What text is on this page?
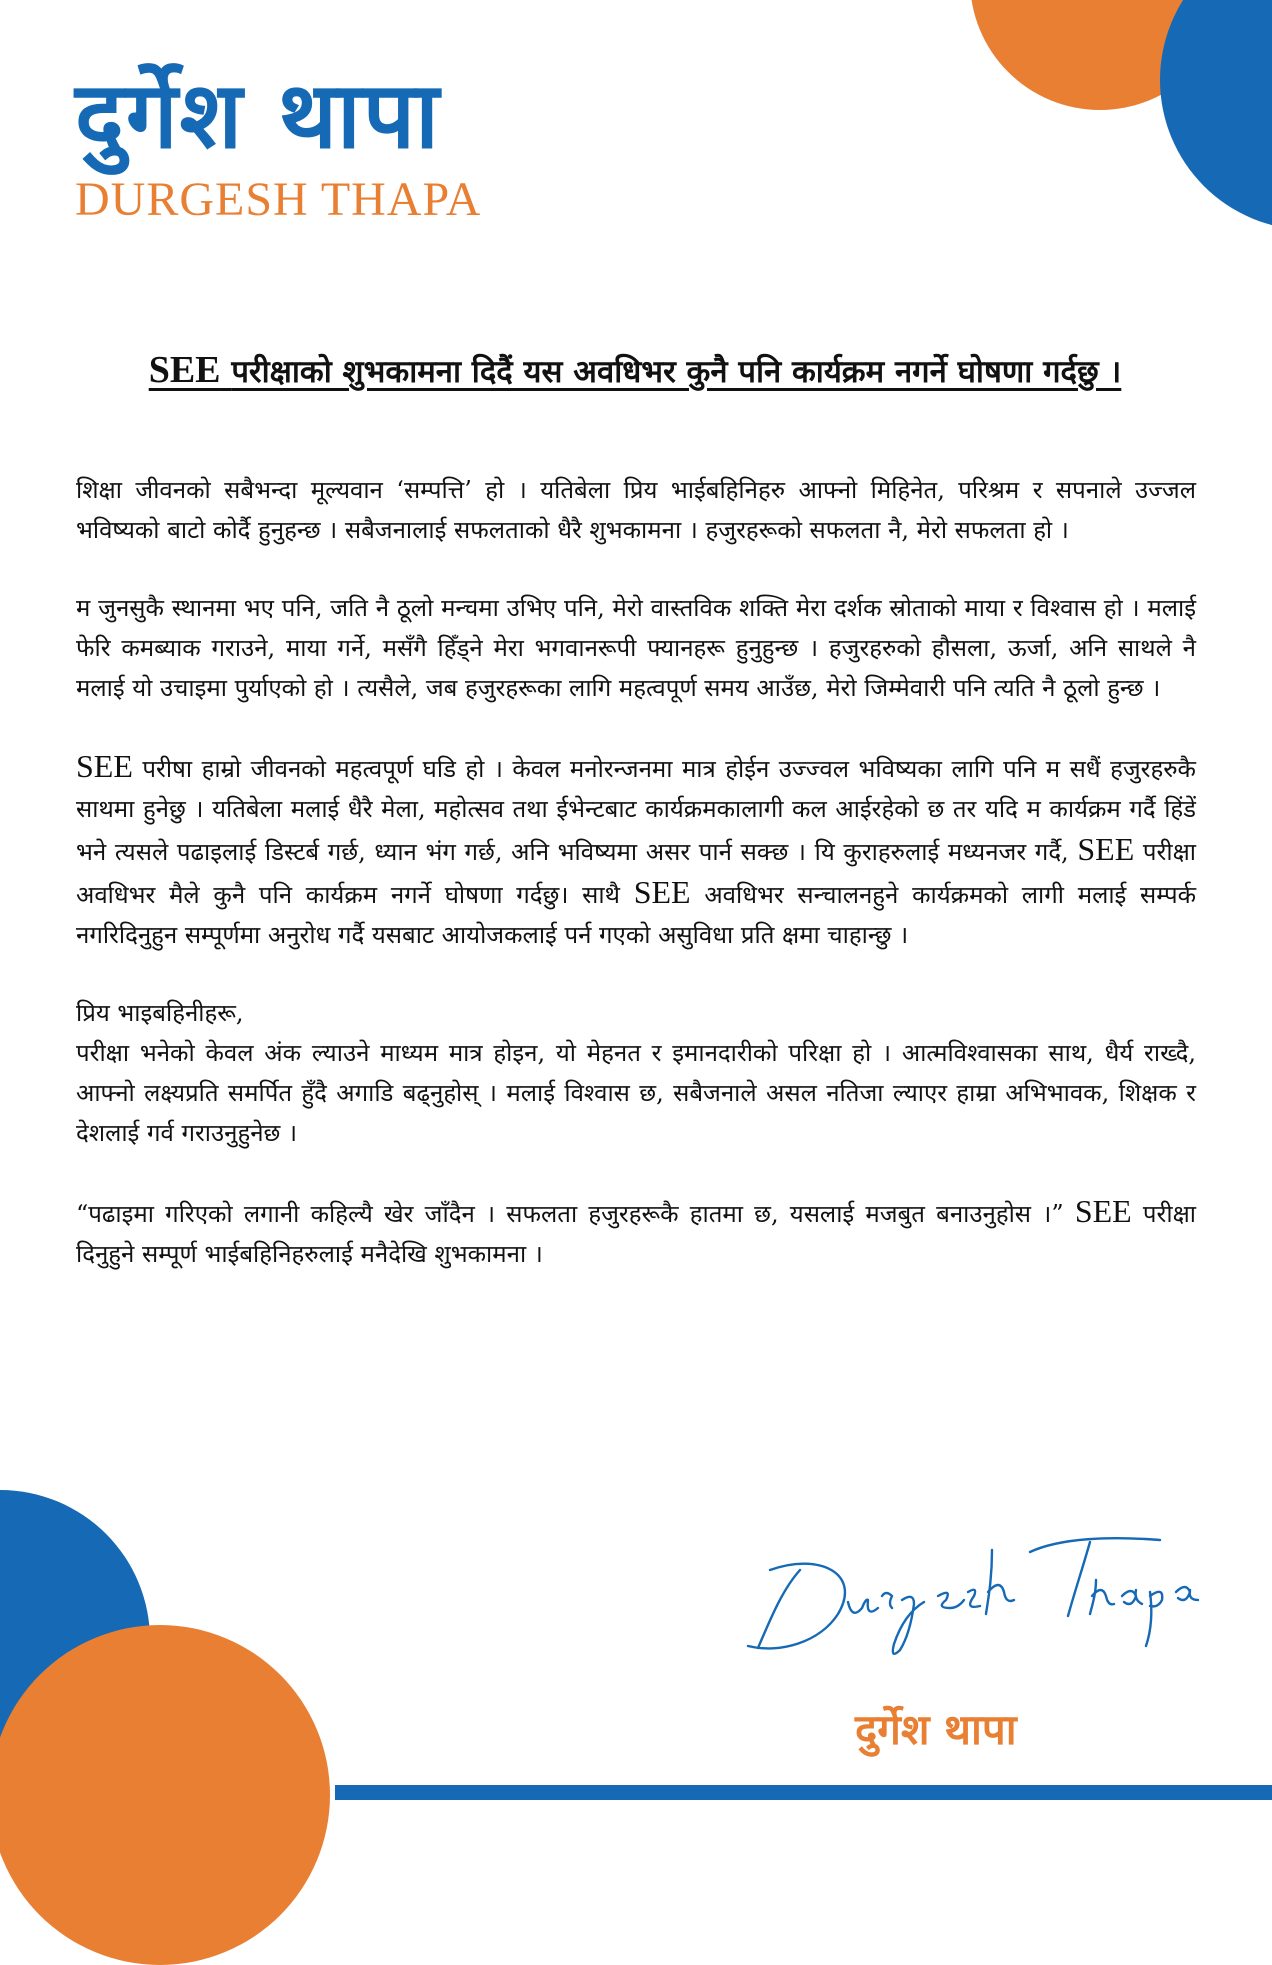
दुर्गेश थापा
DURGESH THAPA
SEE परीक्षाको शुभकामना दिदैं यस अवधिभर कुनै पनि कार्यक्रम नगर्ने घोषणा गर्दछु ।

शिक्षा जीवनको सबैभन्दा मूल्यवान ‘सम्पत्ति’ हो । यतिबेला प्रिय भाईबहिनिहरु आफ्नो मिहिनेत, परिश्रम र सपनाले उज्जल भविष्यको बाटो कोर्दै हुनुहन्छ । सबैजनालाई सफलताको धैरै शुभकामना । हजुरहरूको सफलता नै, मेरो सफलता हो ।

म जुनसुकै स्थानमा भए पनि, जति नै ठूलो मन्चमा उभिए पनि, मेरो वास्तविक शक्ति मेरा दर्शक स्रोताको माया र विश्वास हो । मलाई फेरि कमब्याक गराउने, माया गर्ने, मसँगै हिँड्ने मेरा भगवानरूपी फ्यानहरू हुनुहुन्छ । हजुरहरुको हौसला, ऊर्जा, अनि साथले नै मलाई यो उचाइमा पुर्याएको हो । त्यसैले, जब हजुरहरूका लागि महत्वपूर्ण समय आउँछ, मेरो जिम्मेवारी पनि त्यति नै ठूलो हुन्छ ।

SEE परीषा हाम्रो जीवनको महत्वपूर्ण घडि हो । केवल मनोरन्जनमा मात्र होईन उज्ज्वल भविष्यका लागि पनि म सधैं हजुरहरुकै साथमा हुनेछु । यतिबेला मलाई धैरै मेला, महोत्सव तथा ईभेन्टबाट कार्यक्रमकालागी कल आईरहेको छ तर यदि म कार्यक्रम गर्दै हिंडें भने त्यसले पढाइलाई डिस्टर्ब गर्छ, ध्यान भंग गर्छ, अनि भविष्यमा असर पार्न सक्छ । यि कुराहरुलाई मध्यनजर गर्दै, SEE परीक्षा अवधिभर मैले कुनै पनि कार्यक्रम नगर्ने घोषणा गर्दछु। साथै SEE अवधिभर सन्चालनहुने कार्यक्रमको लागी मलाई सम्पर्क नगरिदिनुहुन सम्पूर्णमा अनुरोध गर्दै यसबाट आयोजकलाई पर्न गएको असुविधा प्रति क्षमा चाहान्छु ।

प्रिय भाइबहिनीहरू,
परीक्षा भनेको केवल अंक ल्याउने माध्यम मात्र होइन, यो मेहनत र इमानदारीको परिक्षा हो । आत्मविश्वासका साथ, धैर्य राख्दै, आफ्नो लक्ष्यप्रति समर्पित हुँदै अगाडि बढ्नुहोस् । मलाई विश्वास छ, सबैजनाले असल नतिजा ल्याएर हाम्रा अभिभावक, शिक्षक र देशलाई गर्व गराउनुहुनेछ ।

“पढाइमा गरिएको लगानी कहिल्यै खेर जाँदैन । सफलता हजुरहरूकै हातमा छ, यसलाई मजबुत बनाउनुहोस ।” SEE परीक्षा दिनुहुने सम्पूर्ण भाईबहिनिहरुलाई मनैदेखि शुभकामना ।

दुर्गेश थापा
